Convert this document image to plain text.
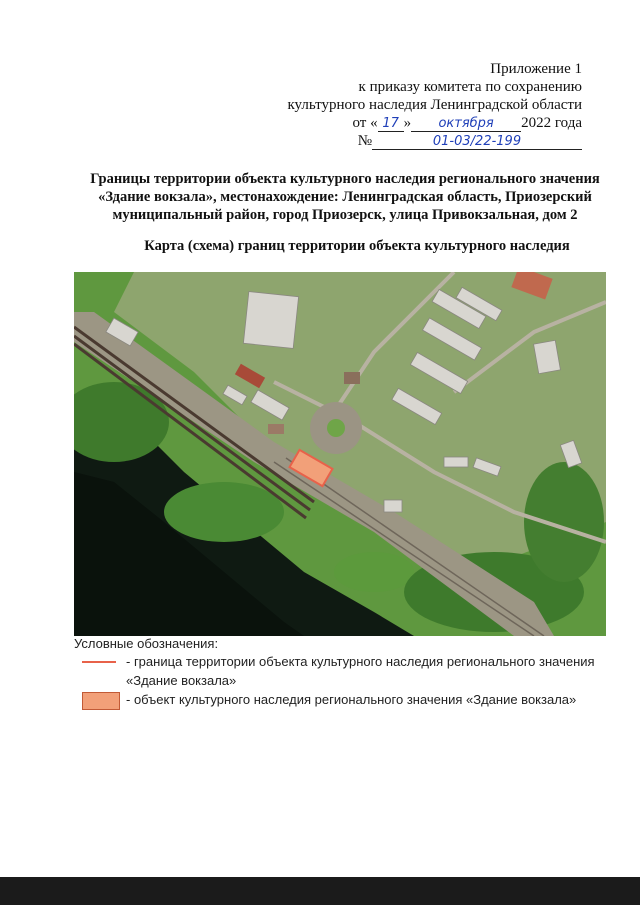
Приложение 1
к приказу комитета по сохранению
культурного наследия Ленинградской области
от « 17 » октября 2022 года
№	01-03/22-199
Границы территории объекта культурного наследия регионального значения
«Здание вокзала», местонахождение: Ленинградская область, Приозерский
муниципальный район, город Приозерск, улица Привокзальная, дом 2
Карта (схема) границ территории объекта культурного наследия
Условные обозначения:
- граница территории объекта культурного наследия регионального значения «Здание вокзала»
- объект культурного наследия регионального значения «Здание вокзала»
